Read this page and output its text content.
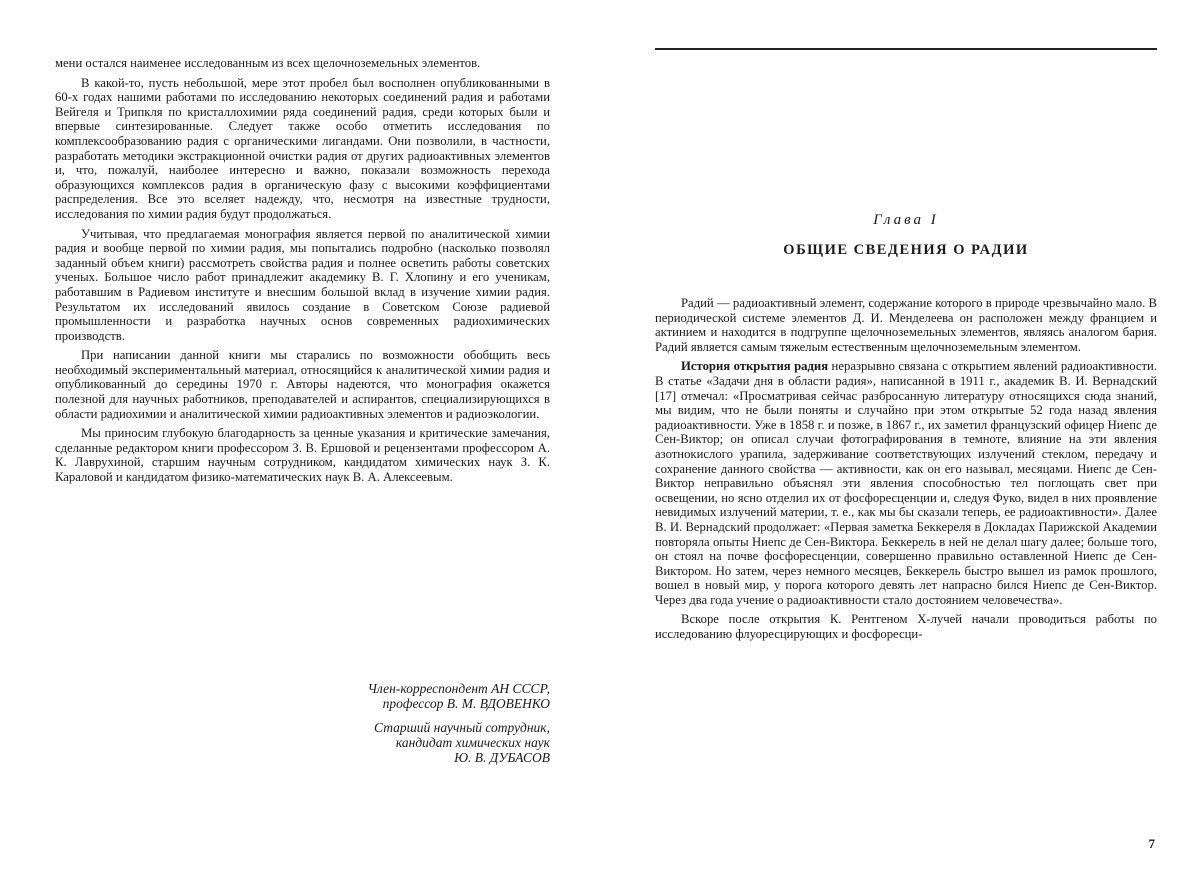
мени остался наименее исследованным из всех щелочноземельных элементов.

В какой-то, пусть небольшой, мере этот пробел был восполнен опубликованными в 60-х годах нашими работами по исследованию некоторых соединений радия и работами Вейгеля и Трипкля по кристаллохимии ряда соединений радия, среди которых были и впервые синтезированные. Следует также особо отметить исследования по комплексообразованию радия с органическими лигандами. Они позволили, в частности, разработать методики экстракционной очистки радия от других радиоактивных элементов и, что, пожалуй, наиболее интересно и важно, показали возможность перехода образующихся комплексов радия в органическую фазу с высокими коэффициентами распределения. Все это вселяет надежду, что, несмотря на известные трудности, исследования по химии радия будут продолжаться.

Учитывая, что предлагаемая монография является первой по аналитической химии радия и вообще первой по химии радия, мы попытались подробно (насколько позволял заданный объем книги) рассмотреть свойства радия и полнее осветить работы советских ученых. Большое число работ принадлежит академику В. Г. Хлопину и его ученикам, работавшим в Радиевом институте и внесшим большой вклад в изучение химии радия. Результатом их исследований явилось создание в Советском Союзе радиевой промышленности и разработка научных основ современных радиохимических производств.

При написании данной книги мы старались по возможности обобщить весь необходимый экспериментальный материал, относящийся к аналитической химии радия и опубликованный до середины 1970 г. Авторы надеются, что монография окажется полезной для научных работников, преподавателей и аспирантов, специализирующихся в области радиохимии и аналитической химии радиоактивных элементов и радиоэкологии.

Мы приносим глубокую благодарность за ценные указания и критические замечания, сделанные редактором книги профессором З. В. Ершовой и рецензентами профессором А. К. Лаврухиной, старшим научным сотрудником, кандидатом химических наук З. К. Караловой и кандидатом физико-математических наук В. А. Алексеевым.

Член-корреспондент АН СССР,
профессор В. М. ВДОВЕНКО
Старший научный сотрудник,
кандидат химических наук
Ю. В. ДУБАСОВ
Глава I
ОБЩИЕ СВЕДЕНИЯ О РАДИИ

Радий — радиоактивный элемент, содержание которого в природе чрезвычайно мало. В периодической системе элементов Д. И. Менделеева он расположен между францием и актинием и находится в подгруппе щелочноземельных элементов, являясь аналогом бария. Радий является самым тяжелым естественным щелочноземельным элементом.

История открытия радия неразрывно связана с открытием явлений радиоактивности. В статье «Задачи дня в области радия», написанной в 1911 г., академик В. И. Вернадский [17] отмечал: «Просматривая сейчас разбросанную литературу относящихся сюда знаний, мы видим, что не были поняты и случайно при этом открытые 52 года назад явления радиоактивности. Уже в 1858 г. и позже, в 1867 г., их заметил французский офицер Ниепс де Сен-Виктор; он описал случаи фотографирования в темноте, влияние на эти явления азотнокислого урапила, задерживание соответствующих излучений стеклом, передачу и сохранение данного свойства — активности, как он его называл, месяцами. Ниепс де Сен-Виктор неправильно объяснял эти явления способностью тел поглощать свет при освещении, но ясно отделил их от фосфоресценции и, следуя Фуко, видел в них проявление невидимых излучений материи, т. е., как мы бы сказали теперь, ее радиоактивности». Далее В. И. Вернадский продолжает: «Первая заметка Беккереля в Докладах Парижской Академии повторяла опыты Ниепс де Сен-Виктора. Беккерель в ней не делал шагу далее; больше того, он стоял на почве фосфоресценции, совершенно правильно оставленной Ниепс де Сен-Виктором. Но затем, через немного месяцев, Беккерель быстро вышел из рамок прошлого, вошел в новый мир, у порога которого девять лет напрасно бился Ниепс де Сен-Виктор. Через два года учение о радиоактивности стало достоянием человечества».

Вскоре после открытия К. Рентгеном X-лучей начали проводиться работы по исследованию флуоресцирующих и фосфоресци-

7
